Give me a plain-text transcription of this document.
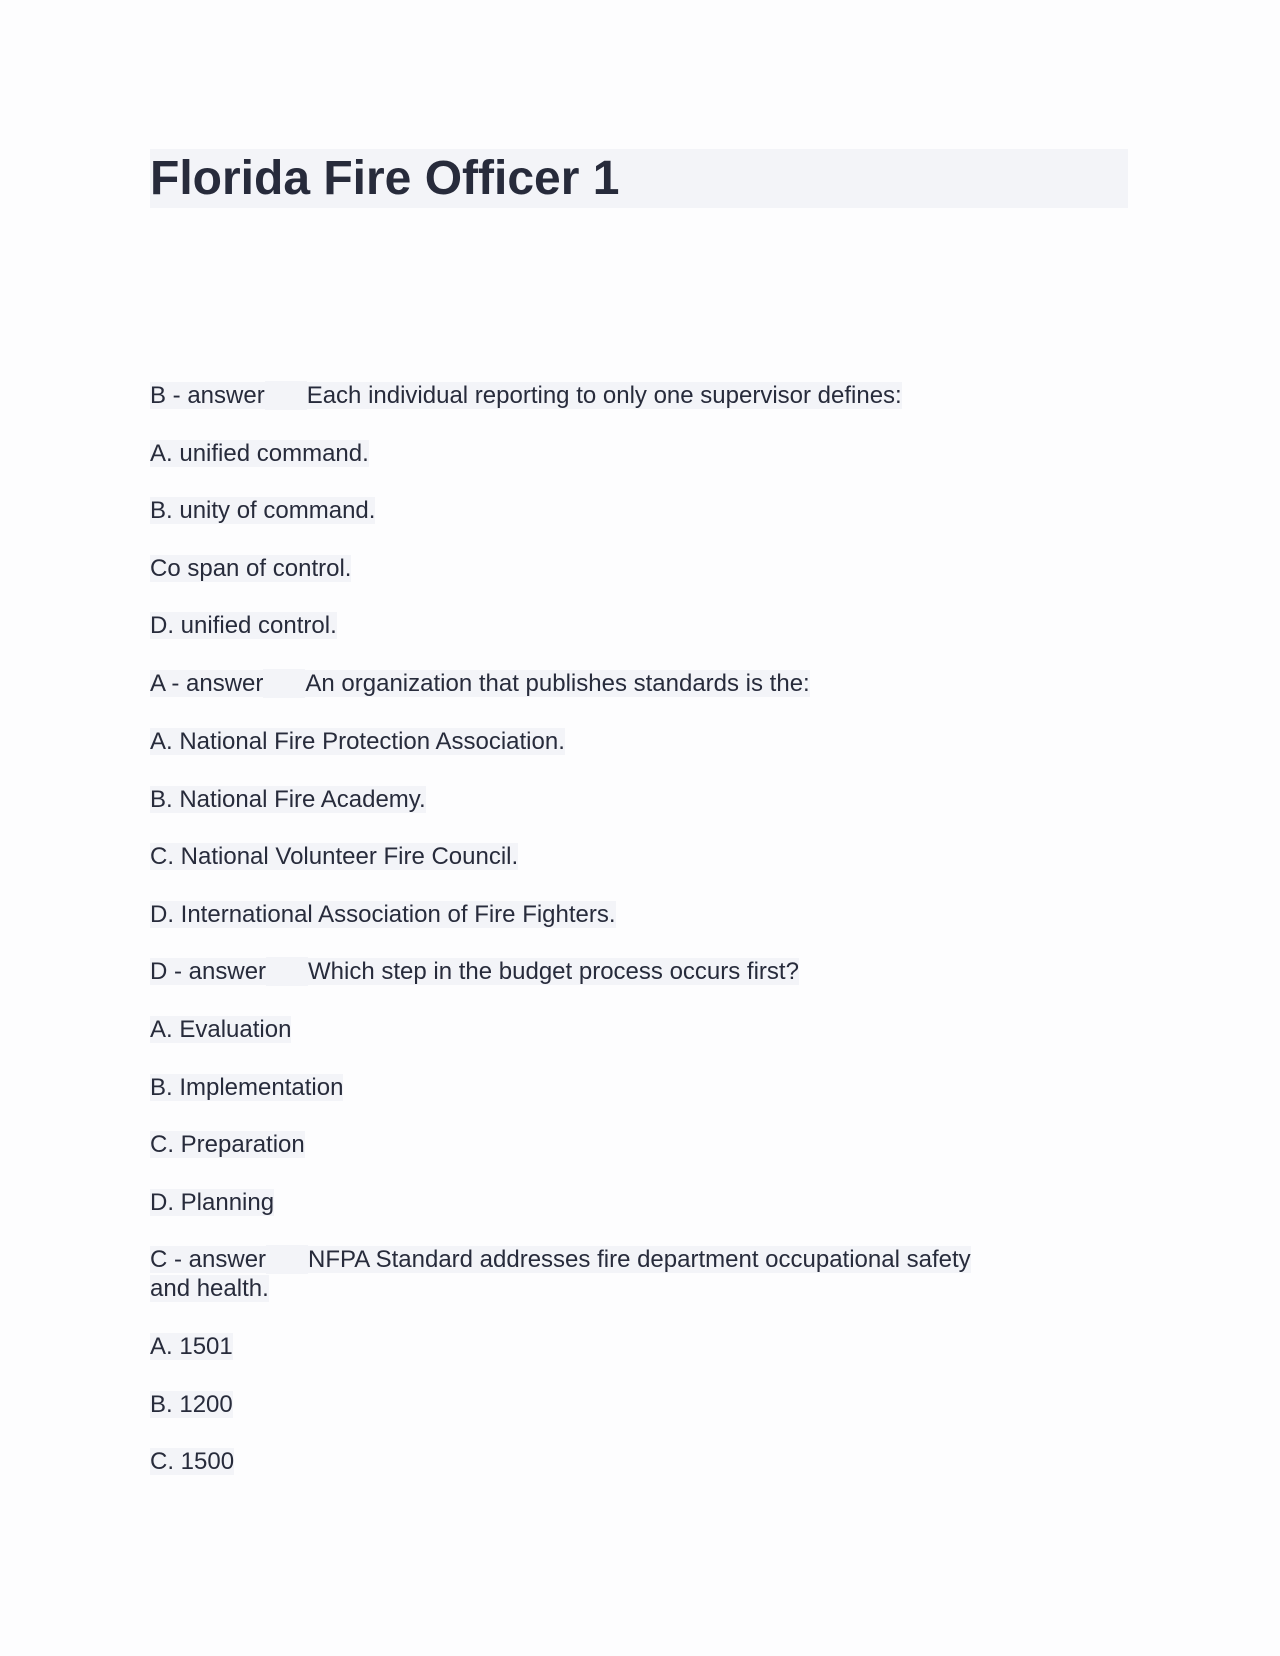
Florida Fire Officer 1
B - answer Each individual reporting to only one supervisor defines:
A. unified command.
B. unity of command.
Co span of control.
D. unified control.
A - answer An organization that publishes standards is the:
A. National Fire Protection Association.
B. National Fire Academy.
C. National Volunteer Fire Council.
D. International Association of Fire Fighters.
D - answer Which step in the budget process occurs first?
A. Evaluation
B. Implementation
C. Preparation
D. Planning
C - answer NFPA Standard addresses fire department occupational safety
and health.
A. 1501
B. 1200
C. 1500
